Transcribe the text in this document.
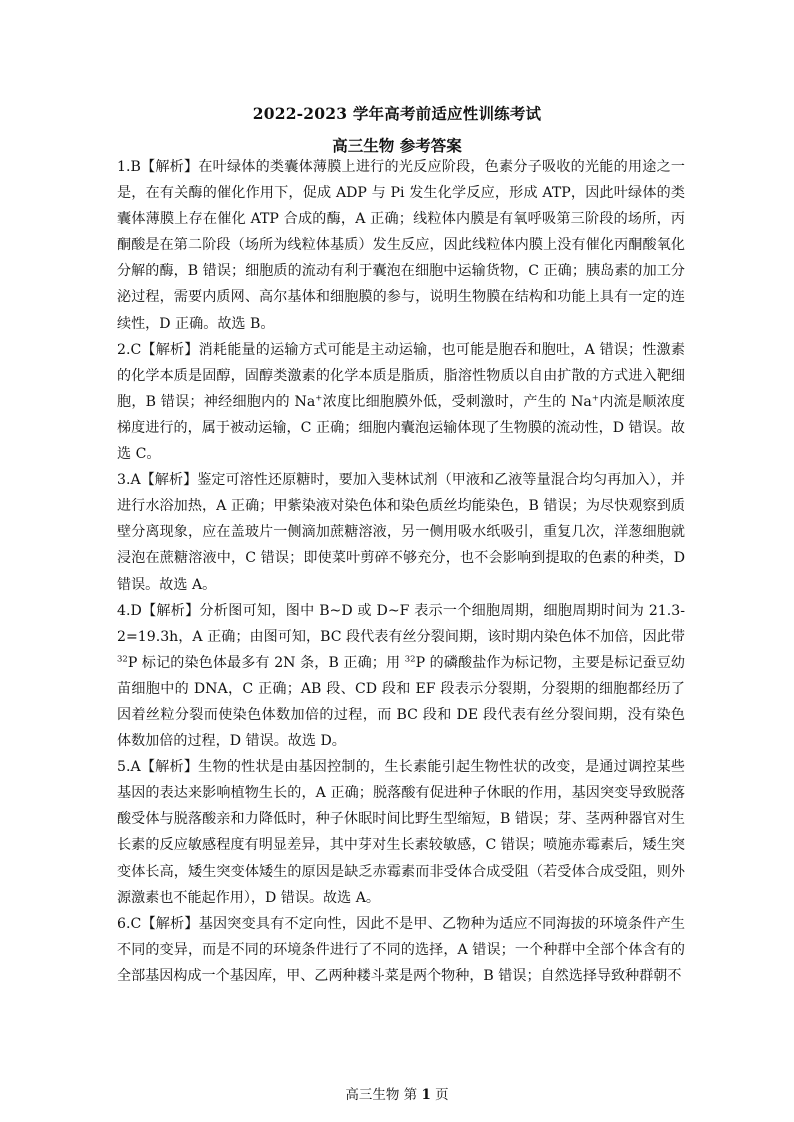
2022-2023 学年高考前适应性训练考试
高三生物 参考答案

1.B【解析】在叶绿体的类囊体薄膜上进行的光反应阶段，色素分子吸收的光能的用途之一是，在有关酶的催化作用下，促成 ADP 与 Pi 发生化学反应，形成 ATP，因此叶绿体的类囊体薄膜上存在催化 ATP 合成的酶，A 正确；线粒体内膜是有氧呼吸第三阶段的场所，丙酮酸是在第二阶段（场所为线粒体基质）发生反应，因此线粒体内膜上没有催化丙酮酸氧化分解的酶，B 错误；细胞质的流动有利于囊泡在细胞中运输货物，C 正确；胰岛素的加工分泌过程，需要内质网、高尔基体和细胞膜的参与，说明生物膜在结构和功能上具有一定的连续性，D 正确。故选 B。

2.C【解析】消耗能量的运输方式可能是主动运输，也可能是胞吞和胞吐，A 错误；性激素的化学本质是固醇，固醇类激素的化学本质是脂质，脂溶性物质以自由扩散的方式进入靶细胞，B 错误；神经细胞内的 Na+浓度比细胞膜外低，受刺激时，产生的 Na+内流是顺浓度梯度进行的，属于被动运输，C 正确；细胞内囊泡运输体现了生物膜的流动性，D 错误。故选 C。

3.A【解析】鉴定可溶性还原糖时，要加入斐林试剂（甲液和乙液等量混合均匀再加入），并进行水浴加热，A 正确；甲紫染液对染色体和染色质丝均能染色，B 错误；为尽快观察到质壁分离现象，应在盖玻片一侧滴加蔗糖溶液，另一侧用吸水纸吸引，重复几次，洋葱细胞就浸泡在蔗糖溶液中，C 错误；即使菜叶剪碎不够充分，也不会影响到提取的色素的种类，D 错误。故选 A。

4.D【解析】分析图可知，图中 B~D 或 D~F 表示一个细胞周期，细胞周期时间为 21.3-2=19.3h，A 正确；由图可知，BC 段代表有丝分裂间期，该时期内染色体不加倍，因此带 $^{32}$P 标记的染色体最多有 2N 条，B 正确；用 $^{32}$P 的磷酸盐作为标记物，主要是标记蚕豆幼苗细胞中的 DNA，C 正确；AB 段、CD 段和 EF 段表示分裂期，分裂期的细胞都经历了因着丝粒分裂而使染色体数加倍的过程，而 BC 段和 DE 段代表有丝分裂间期，没有染色体数加倍的过程，D 错误。故选 D。

5.A【解析】生物的性状是由基因控制的，生长素能引起生物性状的改变，是通过调控某些基因的表达来影响植物生长的，A 正确；脱落酸有促进种子休眠的作用，基因突变导致脱落酸受体与脱落酸亲和力降低时，种子休眠时间比野生型缩短，B 错误；芽、茎两种器官对生长素的反应敏感程度有明显差异，其中芽对生长素较敏感，C 错误；喷施赤霉素后，矮生突变体长高，矮生突变体矮生的原因是缺乏赤霉素而非受体合成受阻（若受体合成受阻，则外源激素也不能起作用），D 错误。故选 A。

6.C【解析】基因突变具有不定向性，因此不是甲、乙物种为适应不同海拔的环境条件产生不同的变异，而是不同的环境条件进行了不同的选择，A 错误；一个种群中全部个体含有的全部基因构成一个基因库，甲、乙两种耧斗菜是两个物种，B 错误；自然选择导致种群朝不

高三生物 第 1 页
